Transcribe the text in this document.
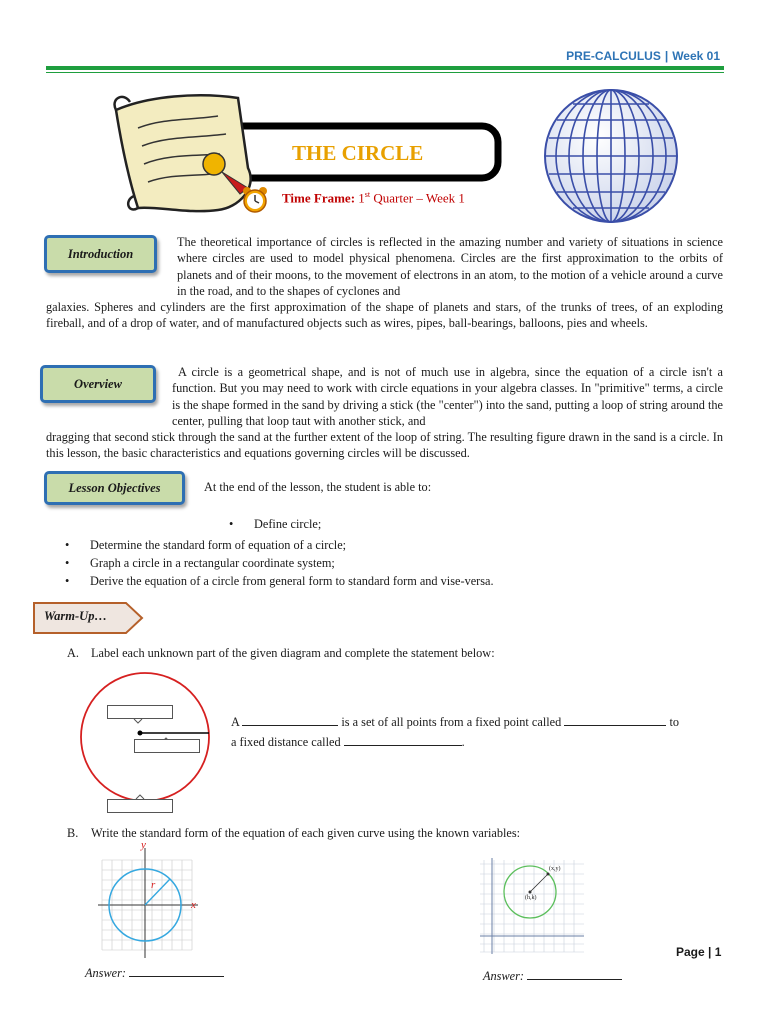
PRE-CALCULUS | Week 01
THE CIRCLE
Time Frame: 1st Quarter – Week 1
Introduction
The theoretical importance of circles is reflected in the amazing number and variety of situations in science where circles are used to model physical phenomena. Circles are the first approximation to the orbits of planets and of their moons, to the movement of electrons in an atom, to the motion of a vehicle around a curve in the road, and to the shapes of cyclones and
galaxies. Spheres and cylinders are the first approximation of the shape of planets and stars, of the trunks of trees, of an exploding fireball, and of a drop of water, and of manufactured objects such as wires, pipes, ball-bearings, balloons, pies and wheels.
Overview
A circle is a geometrical shape, and is not of much use in algebra, since the equation of a circle isn't a function. But you may need to work with circle equations in your algebra classes. In "primitive" terms, a circle is the shape formed in the sand by driving a stick (the "center") into the sand, putting a loop of string around the center, pulling that loop taut with another stick, and
dragging that second stick through the sand at the further extent of the loop of string. The resulting figure drawn in the sand is a circle. In this lesson, the basic characteristics and equations governing circles will be discussed.
Lesson Objectives	At the end of the lesson, the student is able to:
• Define circle;
• Determine the standard form of equation of a circle;
• Graph a circle in a rectangular coordinate system;
• Derive the equation of a circle from general form to standard form and vise-versa.
Warm-Up…
A. Label each unknown part of the given diagram and complete the statement below:
A	is a set of all points from a fixed point called	to
a fixed distance called	.
B. Write the standard form of the equation of each given curve using the known variables:
x
y
r
(x,y)
(h,k)
Answer:	Answer:
Page | 1
